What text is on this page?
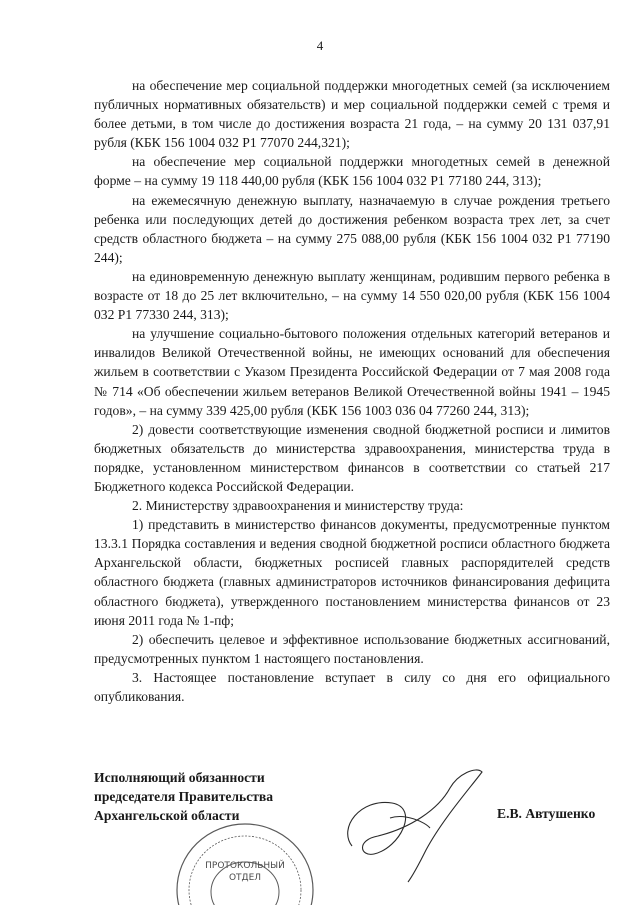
4

на обеспечение мер социальной поддержки многодетных семей (за исключением публичных нормативных обязательств) и мер социальной поддержки семей с тремя и более детьми, в том числе до достижения возраста 21 года, – на сумму 20 131 037,91 рубля (КБК 156 1004 032 Р1 77070 244,321);

на обеспечение мер социальной поддержки многодетных семей в денежной форме – на сумму 19 118 440,00 рубля (КБК 156 1004 032 Р1 77180 244, 313);

на ежемесячную денежную выплату, назначаемую в случае рождения третьего ребенка или последующих детей до достижения ребенком возраста трех лет, за счет средств областного бюджета – на сумму 275 088,00 рубля (КБК 156 1004 032 Р1 77190 244);

на единовременную денежную выплату женщинам, родившим первого ребенка в возрасте от 18 до 25 лет включительно, – на сумму 14 550 020,00 рубля (КБК 156 1004 032 Р1 77330 244, 313);

на улучшение социально-бытового положения отдельных категорий ветеранов и инвалидов Великой Отечественной войны, не имеющих оснований для обеспечения жильем в соответствии с Указом Президента Российской Федерации от 7 мая 2008 года № 714 «Об обеспечении жильем ветеранов Великой Отечественной войны 1941 – 1945 годов», – на сумму 339 425,00 рубля (КБК 156 1003 036 04 77260 244, 313);

2) довести соответствующие изменения сводной бюджетной росписи и лимитов бюджетных обязательств до министерства здравоохранения, министерства труда в порядке, установленном министерством финансов в соответствии со статьей 217 Бюджетного кодекса Российской Федерации.

2. Министерству здравоохранения и министерству труда:

1) представить в министерство финансов документы, предусмотренные пунктом 13.3.1 Порядка составления и ведения сводной бюджетной росписи областного бюджета Архангельской области, бюджетных росписей главных распорядителей средств областного бюджета (главных администраторов источников финансирования дефицита областного бюджета), утвержденного постановлением министерства финансов от 23 июня 2011 года № 1-пф;

2) обеспечить целевое и эффективное использование бюджетных ассигнований, предусмотренных пунктом 1 настоящего постановления.

3. Настоящее постановление вступает в силу со дня его официального опубликования.

Исполняющий обязанности
председателя Правительства
Архангельской области	Е.В. Автушенко
ПРОТОКОЛЬНЫЙ
ОТДЕЛ
